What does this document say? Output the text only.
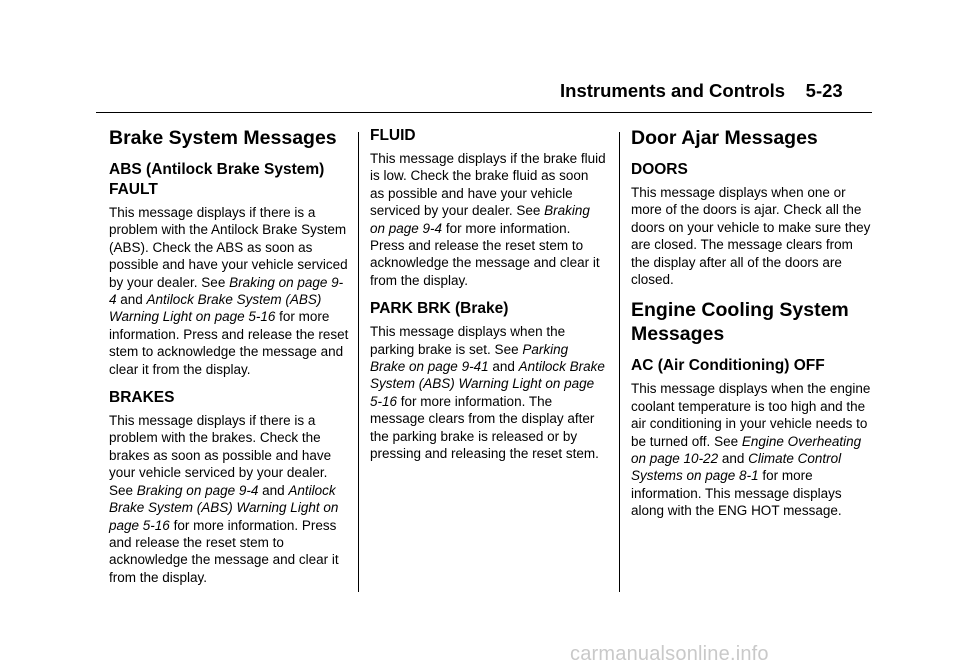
Instruments and Controls 5-23
Brake System Messages
ABS (Antilock Brake System) FAULT

This message displays if there is a problem with the Antilock Brake System (ABS). Check the ABS as soon as possible and have your vehicle serviced by your dealer. See Braking on page 9-4 and Antilock Brake System (ABS) Warning Light on page 5-16 for more information. Press and release the reset stem to acknowledge the message and clear it from the display.

BRAKES

This message displays if there is a problem with the brakes. Check the brakes as soon as possible and have your vehicle serviced by your dealer. See Braking on page 9-4 and Antilock Brake System (ABS) Warning Light on page 5-16 for more information. Press and release the reset stem to acknowledge the message and clear it from the display.

FLUID

This message displays if the brake fluid is low. Check the brake fluid as soon as possible and have your vehicle serviced by your dealer. See Braking on page 9-4 for more information. Press and release the reset stem to acknowledge the message and clear it from the display.

PARK BRK (Brake)

This message displays when the parking brake is set. See Parking Brake on page 9-41 and Antilock Brake System (ABS) Warning Light on page 5-16 for more information. The message clears from the display after the parking brake is released or by pressing and releasing the reset stem.

Door Ajar Messages
DOORS

This message displays when one or more of the doors is ajar. Check all the doors on your vehicle to make sure they are closed. The message clears from the display after all of the doors are closed.

Engine Cooling System Messages
AC (Air Conditioning) OFF

This message displays when the engine coolant temperature is too high and the air conditioning in your vehicle needs to be turned off. See Engine Overheating on page 10-22 and Climate Control Systems on page 8-1 for more information. This message displays along with the ENG HOT message.

carmanualsonline.info
